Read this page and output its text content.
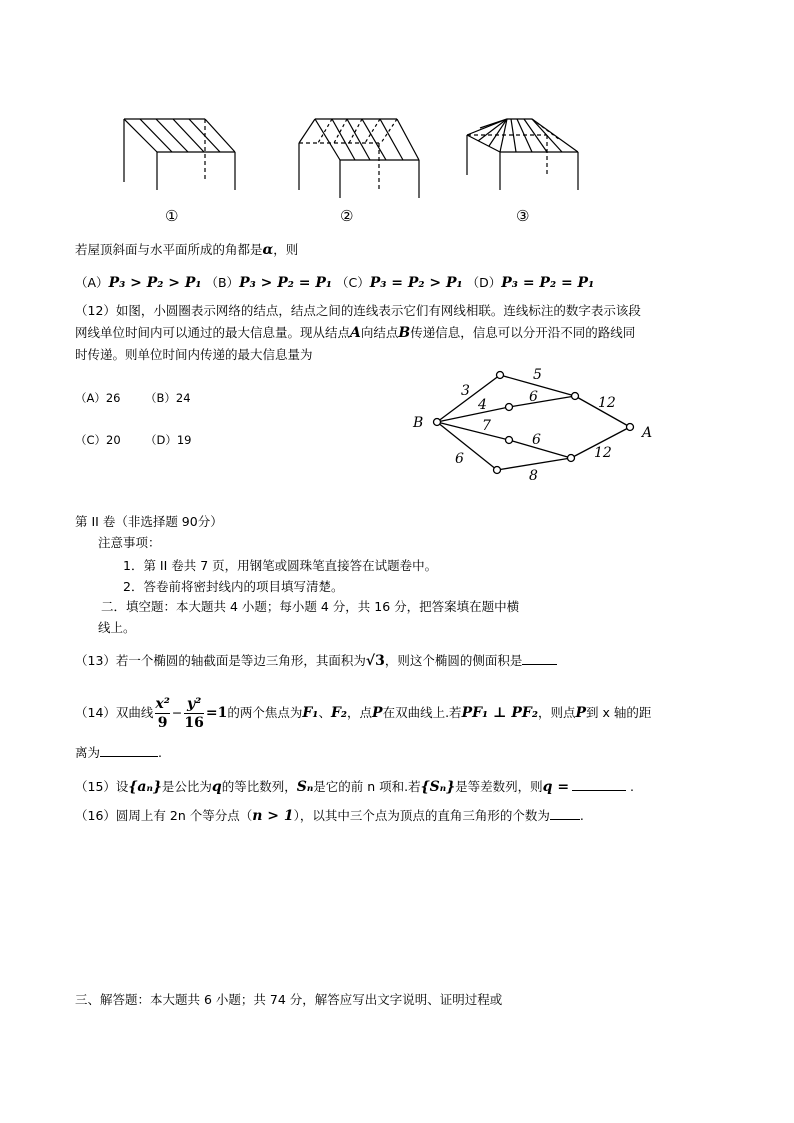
B
A
3
5
4	6	12
7
6
12
6
8
①	②	③
若屋顶斜面与水平面所成的角都是α，则
（A）P₃ > P₂ > P₁ （B）P₃ > P₂ = P₁ （C）P₃ = P₂ > P₁ （D）P₃ = P₂ = P₁
（12）如图，小圆圈表示网络的结点，结点之间的连线表示它们有网线相联。连线标注的数字表示该段
网线单位时间内可以通过的最大信息量。现从结点A向结点B传递信息，信息可以分开沿不同的路线同
时传递。则单位时间内传递的最大信息量为
（A）26 （B）24
（C）20 （D）19
第 II 卷（非选择题 90分）
注意事项：
1．第 II 卷共 7 页，用钢笔或圆珠笔直接答在试题卷中。
2．答卷前将密封线内的项目填写清楚。
二．填空题：本大题共 4 小题；每小题 4 分，共 16 分，把答案填在题中横
线上。
（13）若一个椭圆的轴截面是等边三角形，其面积为√3，则这个椭圆的侧面积是
（14）双曲线 $\frac{\text{x²}}{9} - \frac{\text{y²}}{16} =1$的两个焦点为F₁、F₂，点P在双曲线上.若PF₁ ⊥ PF₂，则点P到 x 轴的距
离为	.
（15）设{aₙ}是公比为q的等比数列，Sₙ是它的前 n 项和.若{Sₙ}是等差数列，则q =	.
（16）圆周上有 2n 个等分点（n > 1），以其中三个点为顶点的直角三角形的个数为 .
三、解答题：本大题共 6 小题；共 74 分，解答应写出文字说明、证明过程或
